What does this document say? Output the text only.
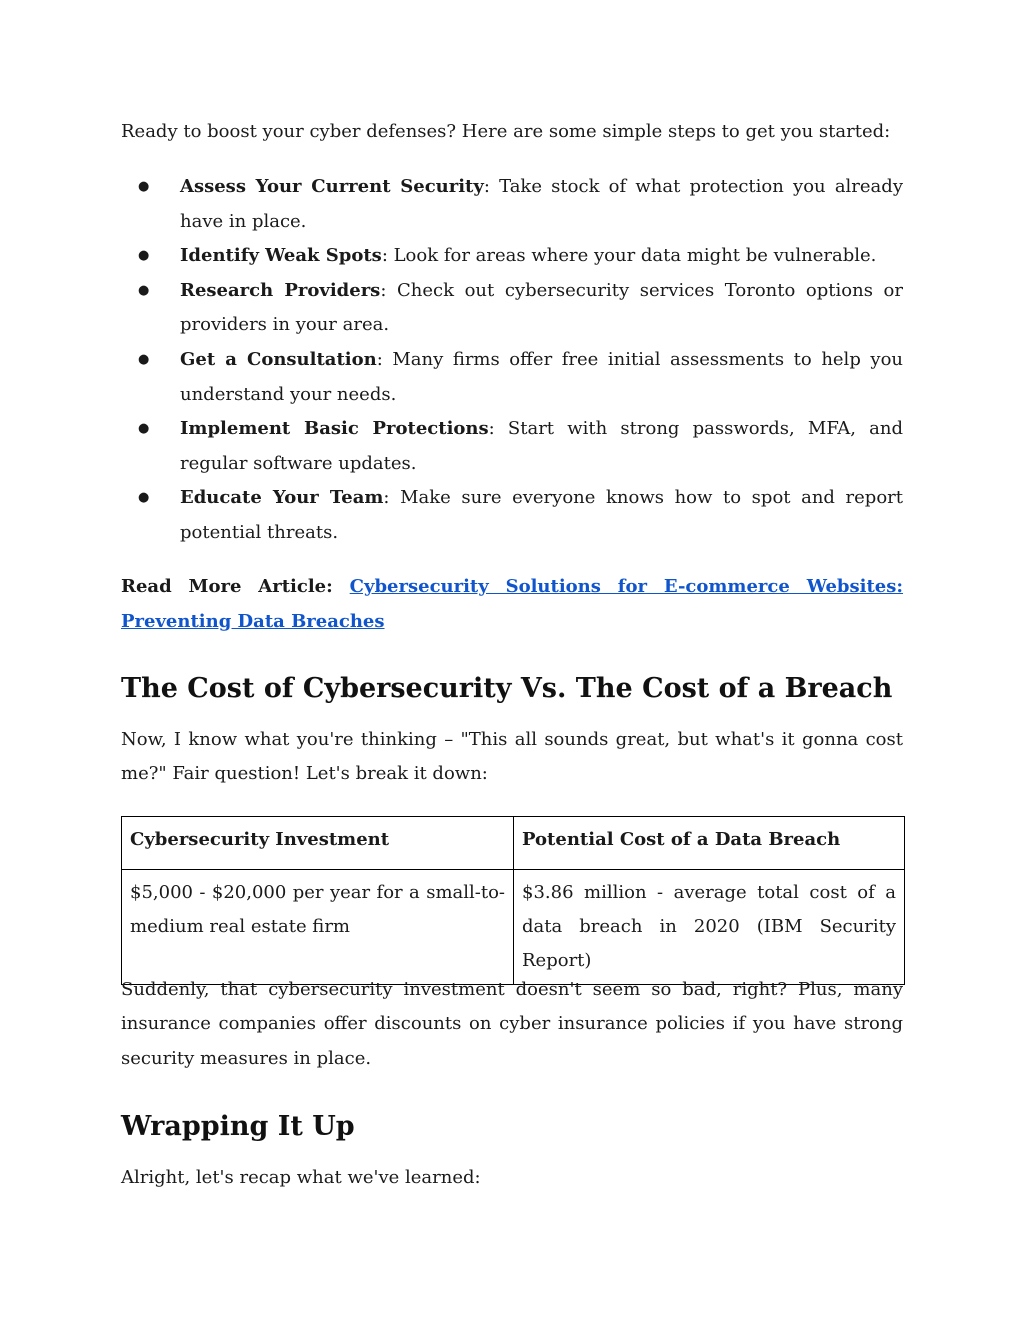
Ready to boost your cyber defenses? Here are some simple steps to get you started:

● Assess Your Current Security: Take stock of what protection you already have in place.
● Identify Weak Spots: Look for areas where your data might be vulnerable.
● Research Providers: Check out cybersecurity services Toronto options or providers in your area.
● Get a Consultation: Many firms offer free initial assessments to help you understand your needs.
● Implement Basic Protections: Start with strong passwords, MFA, and regular software updates.
● Educate Your Team: Make sure everyone knows how to spot and report potential threats.

Read More Article: Cybersecurity Solutions for E-commerce Websites: Preventing Data Breaches

The Cost of Cybersecurity Vs. The Cost of a Breach

Now, I know what you're thinking – "This all sounds great, but what's it gonna cost me?" Fair question! Let's break it down:

Cybersecurity Investment	Potential Cost of a Data Breach
$5,000 - $20,000 per year for a small-to-medium real estate firm	$3.86 million - average total cost of a data breach in 2020 (IBM Security Report)

Suddenly, that cybersecurity investment doesn't seem so bad, right? Plus, many insurance companies offer discounts on cyber insurance policies if you have strong security measures in place.

Wrapping It Up

Alright, let's recap what we've learned:
